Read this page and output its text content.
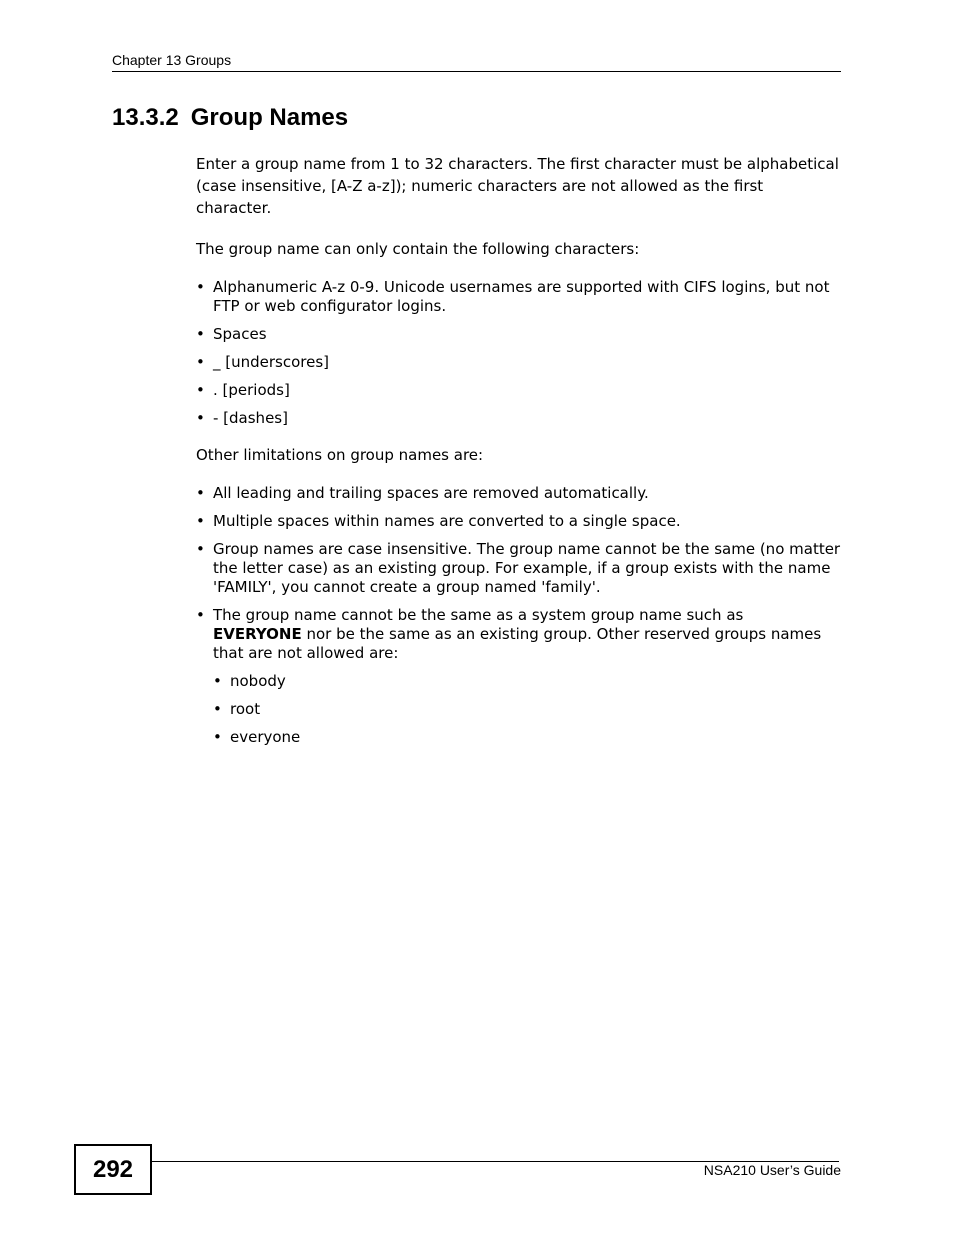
Chapter 13 Groups
13.3.2 Group Names

Enter a group name from 1 to 32 characters. The first character must be alphabetical (case insensitive, [A-Z a-z]); numeric characters are not allowed as the first character.

The group name can only contain the following characters:

• Alphanumeric A-z 0-9. Unicode usernames are supported with CIFS logins, but not FTP or web configurator logins.
• Spaces
• _ [underscores]
• . [periods]
• - [dashes]

Other limitations on group names are:

• All leading and trailing spaces are removed automatically.
• Multiple spaces within names are converted to a single space.
• Group names are case insensitive. The group name cannot be the same (no matter the letter case) as an existing group. For example, if a group exists with the name 'FAMILY', you cannot create a group named 'family'.
• The group name cannot be the same as a system group name such as
EVERYONE nor be the same as an existing group. Other reserved groups names that are not allowed are:
• nobody
• root
• everyone
292	NSA210 User’s Guide
